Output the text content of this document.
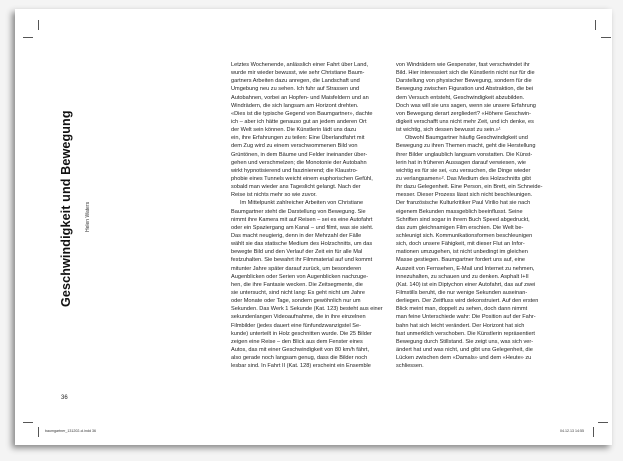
Geschwindigkeit und Bewegung Helen Waters
Letztes Wochenende, anlässlich einer Fahrt über Land,
wurde mir wieder bewusst, wie sehr Christiane Baum-
gartners Arbeiten dazu anregen, die Landschaft und
Umgebung neu zu sehen. Ich fuhr auf Strassen und
Autobahnen, vorbei an Hopfen- und Maisfeldern und an
Windrädern, die sich langsam am Horizont drehten.
«Dies ist die typische Gegend von Baumgartner», dachte
ich – aber ich hätte genauso gut an jedem anderen Ort
der Welt sein können. Die Künstlerin lädt uns dazu
ein, ihre Erfahrungen zu teilen: Eine Überlandfahrt mit
dem Zug wird zu einem verschwommenen Bild von
Grüntönen, in dem Bäume und Felder ineinander über-
gehen und verschmelzen; die Monotonie der Autobahn
wirkt hypnotisierend und faszinierend; die Klaustro-
phobie eines Tunnels weicht einem euphorischen Gefühl,
sobald man wieder ans Tageslicht gelangt. Nach der
Reise ist nichts mehr so wie zuvor.
Im Mittelpunkt zahlreicher Arbeiten von Christiane
Baumgartner steht die Darstellung von Bewegung. Sie
nimmt ihre Kamera mit auf Reisen – sei es eine Autofahrt
oder ein Spaziergang am Kanal – und filmt, was sie sieht.
Das macht neugierig, denn in der Mehrzahl der Fälle
wählt sie das statische Medium des Holzschnitts, um das
bewegte Bild und den Verlauf der Zeit ein für alle Mal
festzuhalten. Sie bewahrt ihr Filmmaterial auf und kommt
mitunter Jahre später darauf zurück, um besonderen
Augenblicken oder Serien von Augenblicken nachzuge-
hen, die ihre Fantasie wecken. Die Zeitsegmente, die
sie untersucht, sind nicht lang: Es geht nicht um Jahre
oder Monate oder Tage, sondern gewöhnlich nur um
Sekunden. Das Werk 1 Sekunde (Kat. 123) besteht aus einer
sekundenlangen Videoaufnahme, die in ihre einzelnen
Filmbilder (jedes dauert eine fünfundzwanzigstel Se-
kunde) unterteilt in Holz geschnitten wurde. Die 25 Bilder
zeigen eine Reise – den Blick aus dem Fenster eines
Autos, das mit einer Geschwindigkeit von 80 km/h fährt,
also gerade noch langsam genug, dass die Bilder noch
lesbar sind. In Fahrt II (Kat. 128) erscheint ein Ensemble
von Windrädern wie Gespenster, fast verschwindet ihr
Bild. Hier interessiert sich die Künstlerin nicht nur für die
Darstellung von physischer Bewegung, sondern für die
Bewegung zwischen Figuration und Abstraktion, die bei
dem Versuch entsteht, Geschwindigkeit abzubilden.
Doch was will sie uns sagen, wenn sie unsere Erfahrung
von Bewegung derart zergliedert? «Höhere Geschwin-
digkeit verschafft uns nicht mehr Zeit, und ich denke, es
ist wichtig, sich dessen bewusst zu sein.»¹
Obwohl Baumgartner häufig Geschwindigkeit und
Bewegung zu ihren Themen macht, geht die Herstellung
ihrer Bilder unglaublich langsam vonstatten. Die Künst-
lerin hat in früheren Aussagen darauf verwiesen, wie
wichtig es für sie sei, «zu versuchen, die Dinge wieder
zu verlangsamen»². Das Medium des Holzschnitts gibt
ihr dazu Gelegenheit. Eine Person, ein Brett, ein Schneide-
messer. Dieser Prozess lässt sich nicht beschleunigen.
Der französische Kulturkritiker Paul Virilio hat sie nach
eigenem Bekunden massgeblich beeinflusst. Seine
Schriften sind sogar in ihrem Buch Speed abgedruckt,
das zum gleichnamigen Film erschien. Die Welt be-
schleunigt sich. Kommunikationsformen beschleunigen
sich, doch unsere Fähigkeit, mit dieser Flut an Infor-
mationen umzugehen, ist nicht unbedingt im gleichen
Masse gestiegen. Baumgartner fordert uns auf, eine
Auszeit von Fernsehen, E-Mail und Internet zu nehmen,
innezuhalten, zu schauen und zu denken. Asphalt I+II
(Kat. 140) ist ein Diptychon einer Autofahrt, das auf zwei
Filmstills beruht, die nur wenige Sekunden auseinan-
derliegen. Der Zeitfluss wird dekonstruiert. Auf den ersten
Blick meint man, doppelt zu sehen, doch dann nimmt
man feine Unterschiede wahr: Die Position auf der Fahr-
bahn hat sich leicht verändert. Der Horizont hat sich
fast unmerklich verschoben. Die Künstlerin repräsentiert
Bewegung durch Stillstand. Sie zeigt uns, was sich ver-
ändert hat und was nicht, und gibt uns Gelegenheit, die
Lücken zwischen dem «Damals» und dem «Heute» zu
schliessen.
36
baumgartner_131202-cl.indd 36	04.12.13 14:55
